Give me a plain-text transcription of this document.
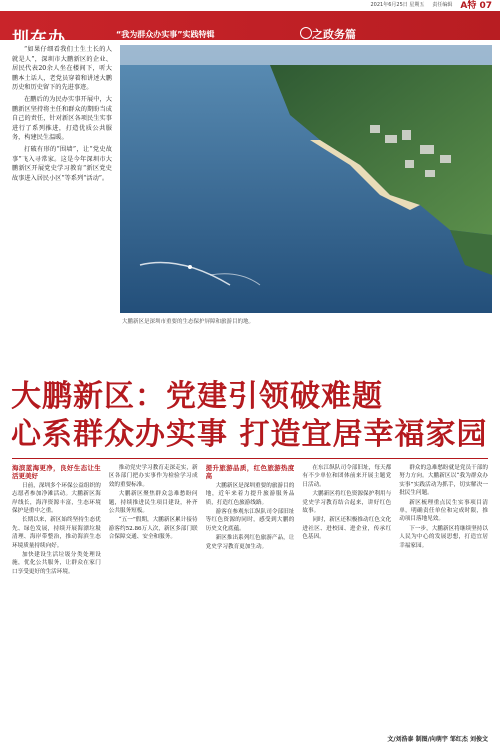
2021年6月25日 星期五 责任编辑 A特 07
圳在办	“我为群众办实事”实践特辑	之政务篇

“如果仔细看我们土生土长的人就是人”，深圳市大鹏新区的企业、居民代表20余人坐在楼间下，听大鹏本土话人，老党员穿着和讲述大鹏历史和历史留下的先进事迹。

在鹏后的为民办实事开展中，大鹏新区坚持将主任和群众的期盼当成自己的责任，针对新区各项民生实事进行了系列推进，打造优质公共服务，构建民生温暖。

打破有形的“围墙”，让“党史故事”飞入寻常家。这是今年深圳市大鹏新区开展党史学习教育“新区党史故事进入居民小区”等系列“活动”。

大鹏新区是深圳市重要的生态保护屏障和旅游目的地。
大鹏新区：党建引领破难题
心系群众办实事 打造宜居幸福家园

海滨蓝海更净，良好生态让生活更美好

日前，深圳多个环保公益组织的志愿者参加净滩活动。大鹏新区海岸线长，海洋资源丰富，生态环境保护是重中之重。

长期以来，新区始终坚持生态优先、绿色发展，持续开展海漂垃圾清理、海岸带整治，推动海滨生态环境质量持续向好。

加快建设生活垃圾分类处理设施，优化公共服务，让群众在家门口享受更好的生活环境。

推动党史学习教育走深走实，新区各部门把办实事作为检验学习成效的重要标准。

大鹏新区聚焦群众急难愁盼问题，持续推进民生项目建设，补齐公共服务短板。

“五一”假期，大鹏新区累计接待游客约52.86万人次，新区多部门联合保障交通、安全和服务。

提升旅游品质，红色旅游热度高

大鹏新区是深圳重要的旅游目的地，近年来着力提升旅游服务品质，打造红色旅游线路。

游客在参观东江纵队司令部旧址等红色资源的同时，感受到大鹏的历史文化底蕴。

新区推出系列红色旅游产品，让党史学习教育更加生动。

在东江纵队司令部旧址，每天都有不少单位和团体前来开展主题党日活动。

大鹏新区将红色资源保护利用与党史学习教育结合起来，讲好红色故事。

同时，新区还积极推动红色文化进社区、进校园、进企业，传承红色基因。

群众的急难愁盼就是党员干部的努力方向。大鹏新区以“我为群众办实事”实践活动为抓手，切实解决一批民生问题。

新区梳理重点民生实事项目清单，明确责任单位和完成时限，推动项目落地见效。

下一步，大鹏新区将继续坚持以人民为中心的发展思想，打造宜居幸福家园。

文/刘浩泰 制图/向萌宇 邹红杰 刘俊文
